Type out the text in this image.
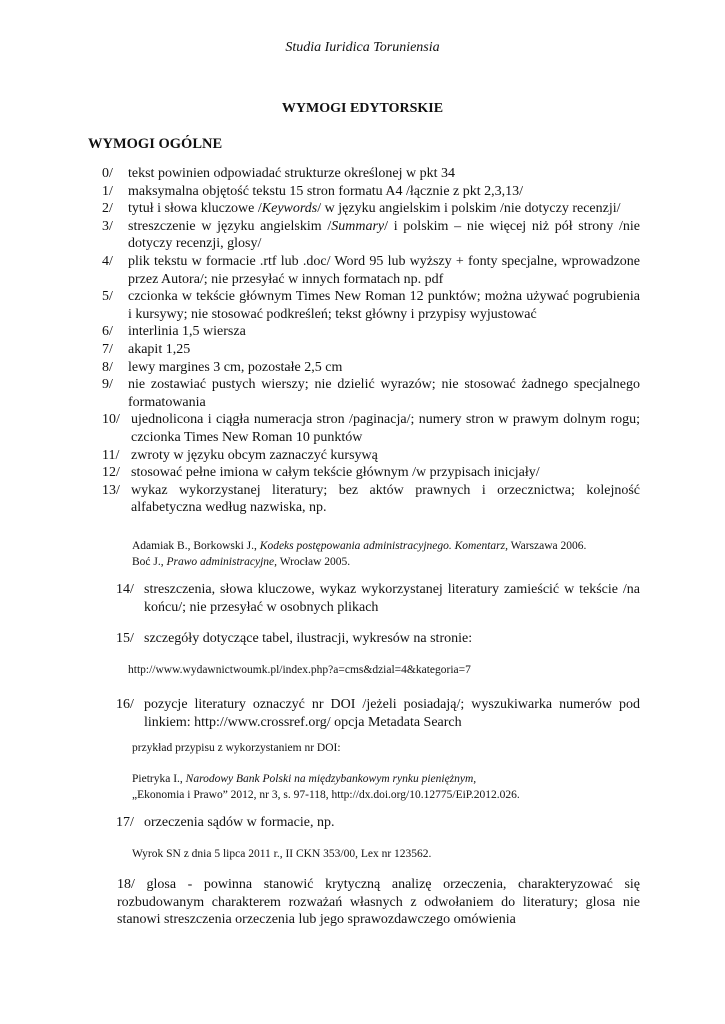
Studia Iuridica Toruniensia
WYMOGI EDYTORSKIE
WYMOGI OGÓLNE
0/	tekst powinien odpowiadać strukturze określonej w pkt 34
1/	maksymalna objętość tekstu 15 stron formatu A4 /łącznie z pkt 2,3,13/
2/	tytuł i słowa kluczowe /Keywords/ w języku angielskim i polskim /nie dotyczy recenzji/
3/	streszczenie w języku angielskim /Summary/ i polskim – nie więcej niż pół strony /nie dotyczy recenzji, glosy/
4/	plik tekstu w formacie .rtf lub .doc/ Word 95 lub wyższy + fonty specjalne, wprowadzone przez Autora/; nie przesyłać w innych formatach np. pdf
5/	czcionka w tekście głównym Times New Roman 12 punktów; można używać pogrubienia i kursywy; nie stosować podkreśleń; tekst główny i przypisy wyjustować
6/	interlinia 1,5 wiersza
7/	akapit 1,25
8/	lewy margines 3 cm, pozostałe 2,5 cm
9/	nie zostawiać pustych wierszy; nie dzielić wyrazów; nie stosować żadnego specjalnego formatowania
10/ ujednolicona i ciągła numeracja stron /paginacja/; numery stron w prawym dolnym rogu; czcionka Times New Roman 10 punktów
11/ zwroty w języku obcym zaznaczyć kursywą
12/ stosować pełne imiona w całym tekście głównym /w przypisach inicjały/
13/ wykaz wykorzystanej literatury; bez aktów prawnych i orzecznictwa; kolejność alfabetyczna według nazwiska, np.
Adamiak B., Borkowski J., Kodeks postępowania administracyjnego. Komentarz, Warszawa 2006.
Boć J., Prawo administracyjne, Wrocław 2005.
14/ streszczenia, słowa kluczowe, wykaz wykorzystanej literatury zamieścić w tekście /na końcu/; nie przesyłać w osobnych plikach
15/ szczegóły dotyczące tabel, ilustracji, wykresów na stronie:
http://www.wydawnictwoumk.pl/index.php?a=cms&dzial=4&kategoria=7
16/ pozycje literatury oznaczyć nr DOI /jeżeli posiadają/; wyszukiwarka numerów pod linkiem: http://www.crossref.org/ opcja Metadata Search
przykład przypisu z wykorzystaniem nr DOI:
Pietryka I., Narodowy Bank Polski na międzybankowym rynku pieniężnym,
„Ekonomia i Prawo” 2012, nr 3, s. 97-118, http://dx.doi.org/10.12775/EiP.2012.026.
17/ orzeczenia sądów w formacie, np.
Wyrok SN z dnia 5 lipca 2011 r., II CKN 353/00, Lex nr 123562.
18/ glosa - powinna stanowić krytyczną analizę orzeczenia, charakteryzować się rozbudowanym charakterem rozważań własnych z odwołaniem do literatury; glosa nie stanowi streszczenia orzeczenia lub jego sprawozdawczego omówienia
